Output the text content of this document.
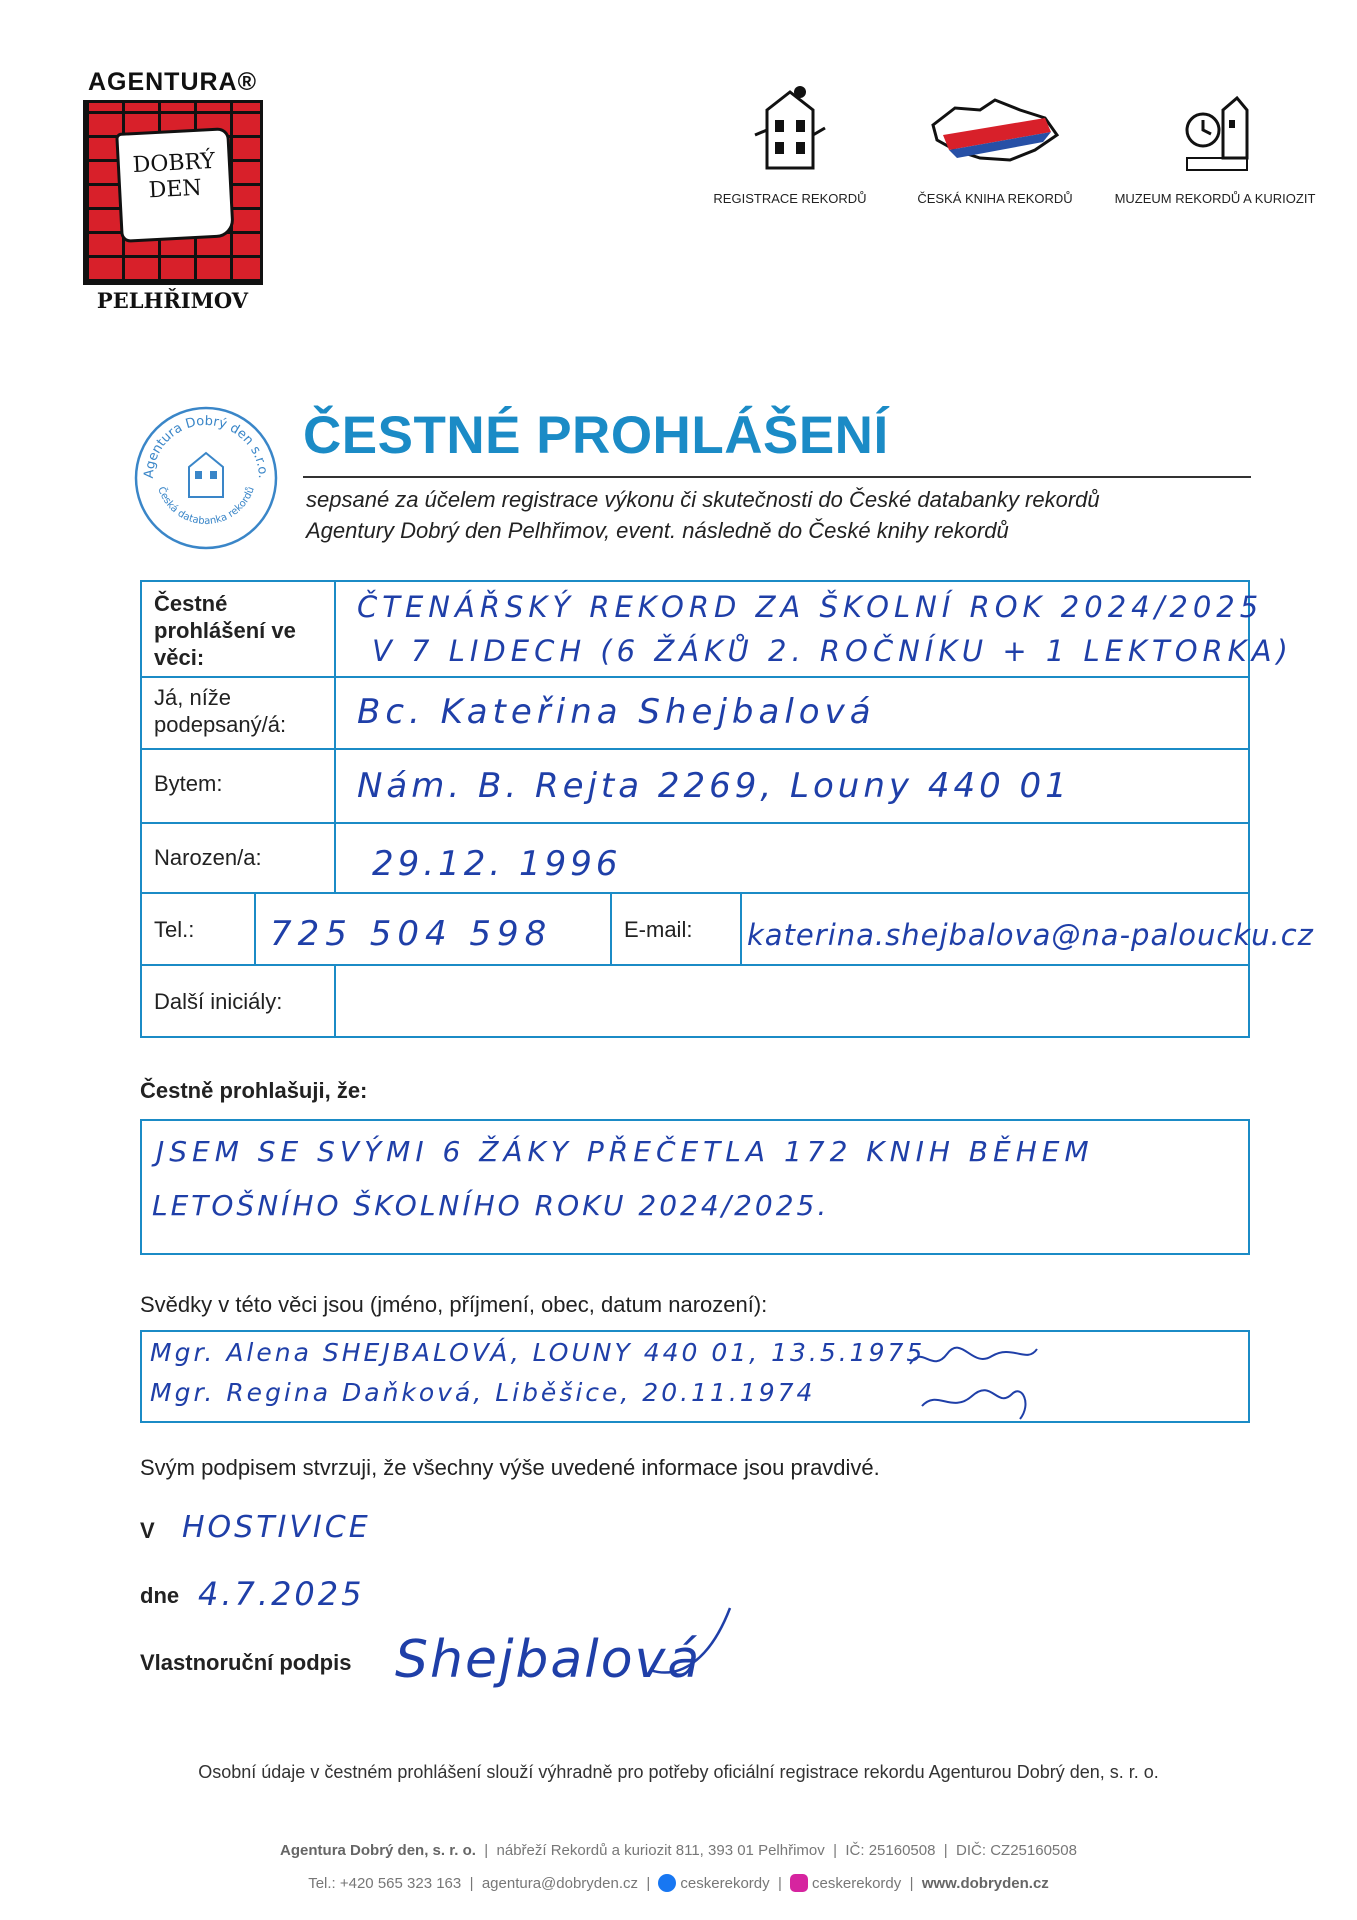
AGENTURA®
DOBRÝ
DEN
PELHŘIMOV
REGISTRACE REKORDŮ	ČESKÁ KNIHA REKORDŮ	MUZEUM REKORDŮ A KURIOZIT
Agentura Dobrý den s.r.o.
Česká databanka rekordů
ČESTNÉ PROHLÁŠENÍ
sepsané za účelem registrace výkonu či skutečnosti do České databanky rekordů
Agentury Dobrý den Pelhřimov, event. následně do České knihy rekordů
Čestné
prohlášení ve
věci:
ČTENÁŘSKÝ REKORD ZA ŠKOLNÍ ROK 2024/2025
V 7 LIDECH (6 ŽÁKŮ 2. ROČNÍKU + 1 LEKTORKA)
Já, níže
podepsaný/á: Bc. Kateřina Shejbalová
Bytem:	Nám. B. Rejta 2269, Louny 440 01
Narozen/a:	29.12. 1996
Tel.: 725 504 598	E-mail: katerina.shejbalova@na-paloucku.cz
Další iniciály:
Čestně prohlašuji, že:
JSEM SE SVÝMI 6 ŽÁKY PŘEČETLA 172 KNIH BĚHEM
LETOŠNÍHO ŠKOLNÍHO ROKU 2024/2025.
Svědky v této věci jsou (jméno, příjmení, obec, datum narození):
Mgr. Alena SHEJBALOVÁ, LOUNY 440 01, 13.5.1975
Mgr. Regina Daňková, Liběšice, 20.11.1974
Svým podpisem stvrzuji, že všechny výše uvedené informace jsou pravdivé.
V HOSTIVICE
dne 4.7.2025
Vlastnoruční podpis Shejbalová
Osobní údaje v čestném prohlášení slouží výhradně pro potřeby oficiální registrace rekordu Agenturou Dobrý den, s. r. o.
Agentura Dobrý den, s. r. o. | nábřeží Rekordů a kuriozit 811, 393 01 Pelhřimov | IČ: 25160508 | DIČ: CZ25160508
Tel.: +420 565 323 163 | agentura@dobryden.cz | ceskerekordy | ceskerekordy | www.dobryden.cz
